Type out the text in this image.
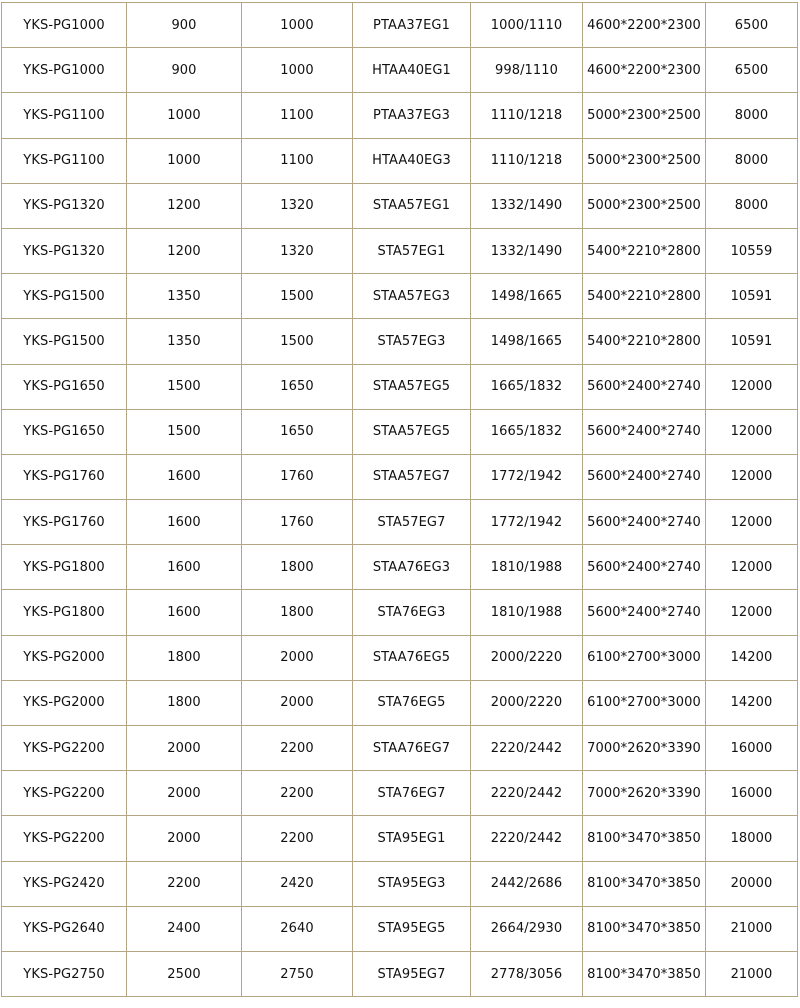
YKS-PG1000	900	1000	PTAA37EG1	1000/1110	4600*2200*2300	6500
YKS-PG1000	900	1000	HTAA40EG1	998/1110	4600*2200*2300	6500
YKS-PG1100	1000	1100	PTAA37EG3	1110/1218	5000*2300*2500	8000
YKS-PG1100	1000	1100	HTAA40EG3	1110/1218	5000*2300*2500	8000
YKS-PG1320	1200	1320	STAA57EG1	1332/1490	5000*2300*2500	8000
YKS-PG1320	1200	1320	STA57EG1	1332/1490	5400*2210*2800	10559
YKS-PG1500	1350	1500	STAA57EG3	1498/1665	5400*2210*2800	10591
YKS-PG1500	1350	1500	STA57EG3	1498/1665	5400*2210*2800	10591
YKS-PG1650	1500	1650	STAA57EG5	1665/1832	5600*2400*2740	12000
YKS-PG1650	1500	1650	STAA57EG5	1665/1832	5600*2400*2740	12000
YKS-PG1760	1600	1760	STAA57EG7	1772/1942	5600*2400*2740	12000
YKS-PG1760	1600	1760	STA57EG7	1772/1942	5600*2400*2740	12000
YKS-PG1800	1600	1800	STAA76EG3	1810/1988	5600*2400*2740	12000
YKS-PG1800	1600	1800	STA76EG3	1810/1988	5600*2400*2740	12000
YKS-PG2000	1800	2000	STAA76EG5	2000/2220	6100*2700*3000	14200
YKS-PG2000	1800	2000	STA76EG5	2000/2220	6100*2700*3000	14200
YKS-PG2200	2000	2200	STAA76EG7	2220/2442	7000*2620*3390	16000
YKS-PG2200	2000	2200	STA76EG7	2220/2442	7000*2620*3390	16000
YKS-PG2200	2000	2200	STA95EG1	2220/2442	8100*3470*3850	18000
YKS-PG2420	2200	2420	STA95EG3	2442/2686	8100*3470*3850	20000
YKS-PG2640	2400	2640	STA95EG5	2664/2930	8100*3470*3850	21000
YKS-PG2750	2500	2750	STA95EG7	2778/3056	8100*3470*3850	21000
